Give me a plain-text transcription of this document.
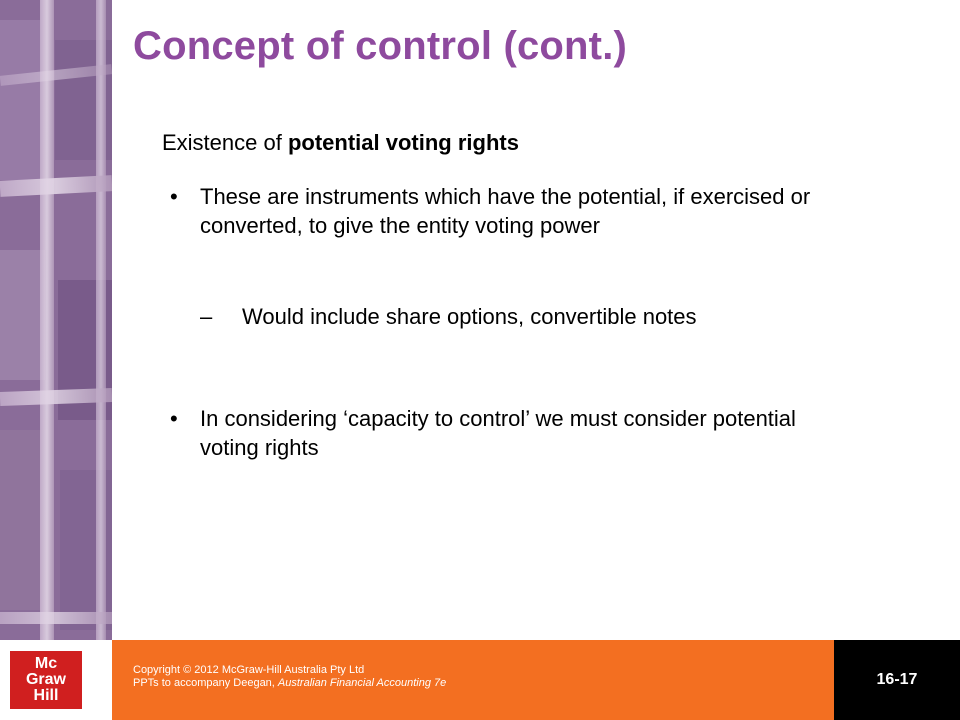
Concept of control (cont.)
Existence of potential voting rights
• These are instruments which have the potential, if exercised or converted, to give the entity voting power
– Would include share options, convertible notes
• In considering ‘capacity to control’ we must consider potential voting rights
Mc
Graw
Hill
Copyright © 2012 McGraw-Hill Australia Pty Ltd
PPTs to accompany Deegan, Australian Financial Accounting 7e	16-17
